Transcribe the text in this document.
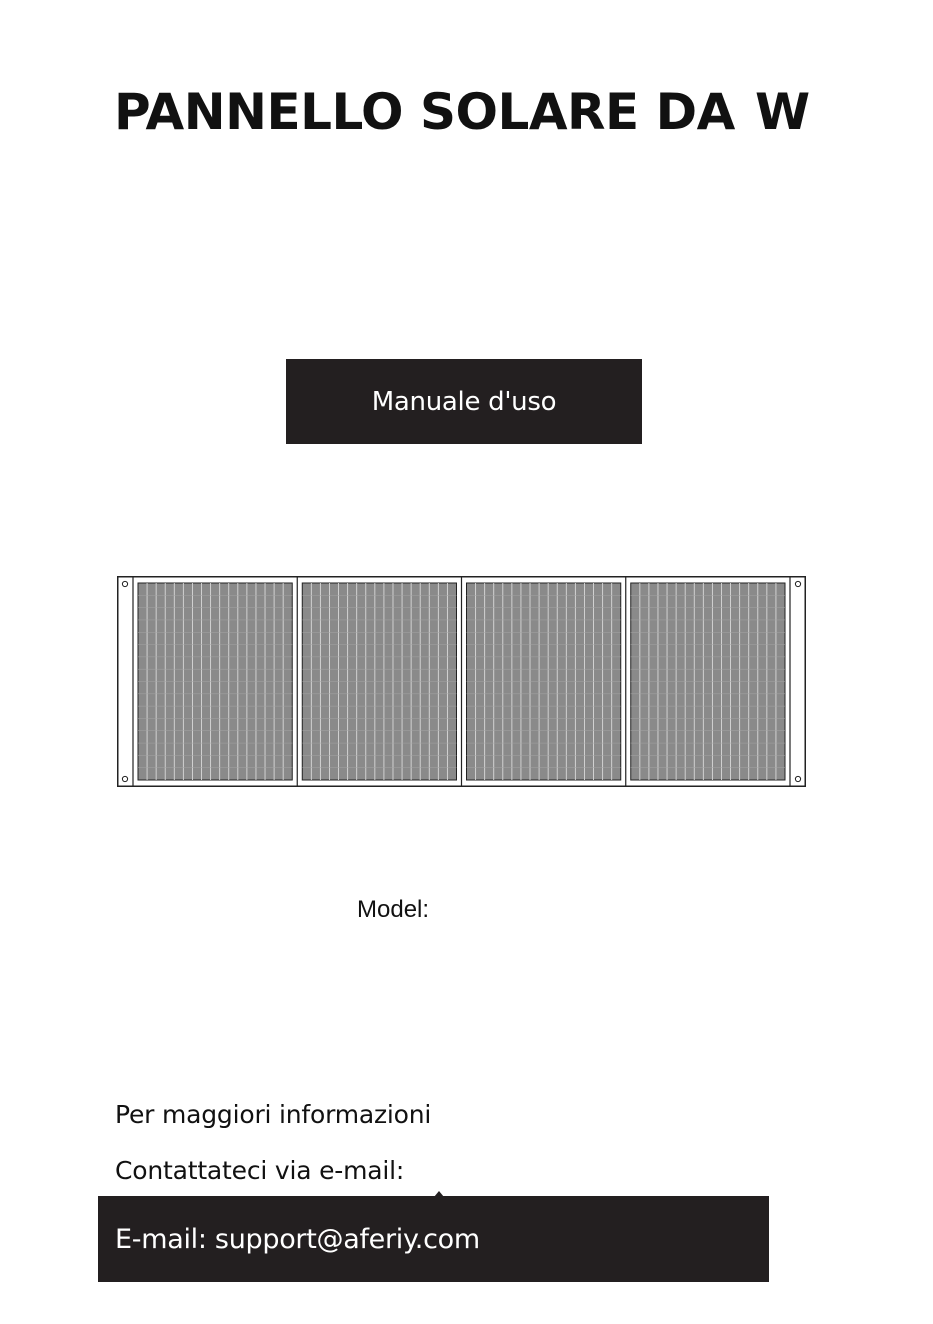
PANNELLO SOLARE DA W
Manuale d'uso
Model:
Per maggiori informazioni
Contattateci via e-mail:
E-mail: support@aferiy.com
